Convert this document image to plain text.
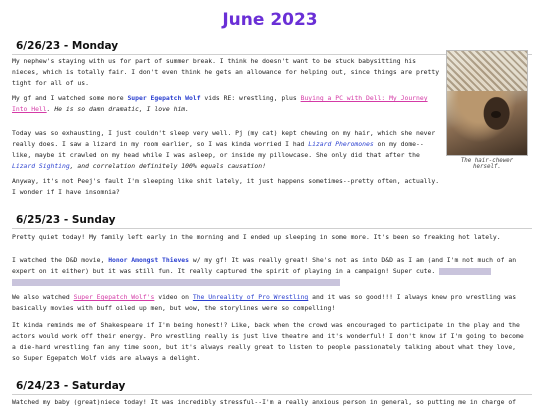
June 2023
6/26/23 - Monday
My nephew's staying with us for part of summer break. I think he doesn't want to be stuck babysitting his nieces, which is totally fair. I don't even think he gets an allowance for helping out, since things are pretty tight for all of us.
My gf and I watched some more Super Egepatch Wolf vids RE: wrestling, plus Buying a PC with Dell: My Journey Into Hell. He is so damn dramatic, I love him.
Today was so exhausting, I just couldn't sleep very well. Pj (my cat) kept chewing on my hair, which she never really does. I saw a lizard in my room earlier, so I was kinda worried I had Lizard Pheromones on my dome--like, maybe it crawled on my head while I was asleep, or inside my pillowcase. She only did that after the Lizard Sighting, and correlation definitely 100% equals causation!
Anyway, it's not Peej's fault I'm sleeping like shit lately, it just happens sometimes--pretty often, actually. I wonder if I have insomnia?
The hair-chewer herself.
6/25/23 - Sunday
Pretty quiet today! My family left early in the morning and I ended up sleeping in some more. It's been so freaking hot lately.
I watched the D&D movie, Honor Amongst Thieves w/ my gf! It was really great! She's not as into D&D as I am (and I'm not much of an expert on it either) but it was still fun. It really captured the spirit of playing in a campaign! Super cute.
We also watched Super Egepatch Wolf's video on The Unreality of Pro Wrestling and it was so good!!! I always knew pro wrestling was basically movies with buff oiled up men, but wow, the storylines were so compelling!
It kinda reminds me of Shakespeare if I'm being honest!? Like, back when the crowd was encouraged to participate in the play and the actors would work off their energy. Pro wrestling really is just live theatre and it's wonderful! I don't know if I'm going to become a die-hard wrestling fan any time soon, but it's always really great to listen to people passionately talking about what they love, so Super Egepatch Wolf vids are always a delight.
6/24/23 - Saturday
Watched my baby (great)niece today! It was incredibly stressful--I'm a really anxious person in general, so putting me in charge of
